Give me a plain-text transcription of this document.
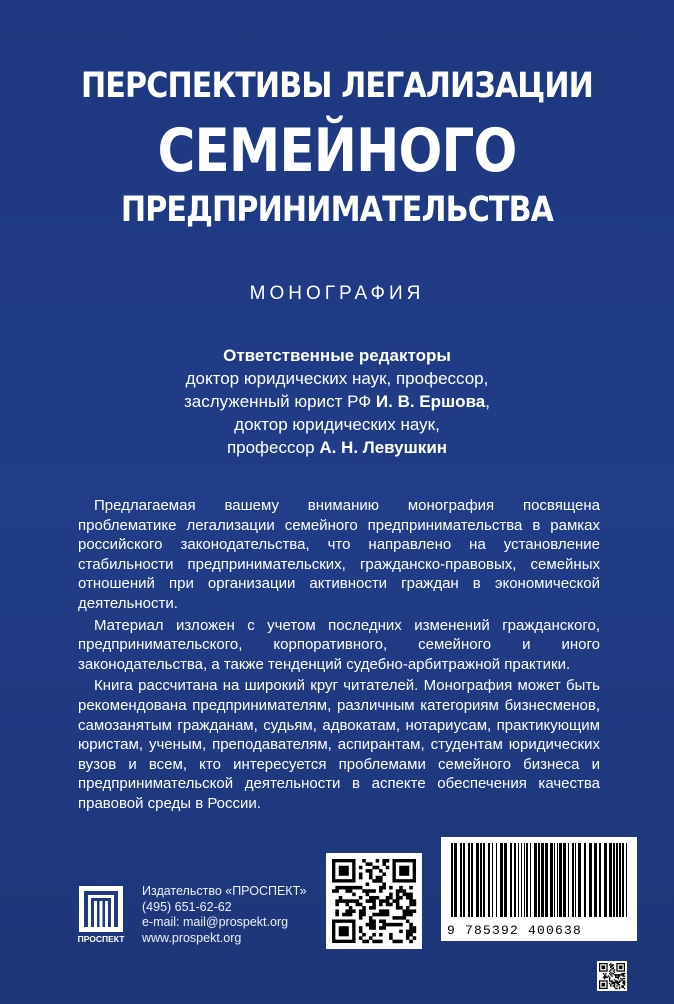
ПЕРСПЕКТИВЫ ЛЕГАЛИЗАЦИИ
СЕМЕЙНОГО
ПРЕДПРИНИМАТЕЛЬСТВА
МОНОГРАФИЯ
Ответственные редакторы
доктор юридических наук, профессор,
заслуженный юрист РФ И. В. Ершова,
доктор юридических наук,
профессор А. Н. Левушкин

Предлагаемая вашему вниманию монография посвящена проблематике легализации семейного предпринимательства в рамках российского законодательства, что направлено на установление стабильности предпринимательских, гражданско-правовых, семейных отношений при организации активности граждан в экономической деятельности.

Материал изложен с учетом последних изменений гражданского, предпринимательского, корпоративного, семейного и иного законодательства, а также тенденций судебно-арбитражной практики.

Книга рассчитана на широкий круг читателей. Монография может быть рекомендована предпринимателям, различным категориям бизнесменов, самозанятым гражданам, судьям, адвокатам, нотариусам, практикующим юристам, ученым, преподавателям, аспирантам, студентам юридических вузов и всем, кто интересуется проблемами семейного бизнеса и предпринимательской деятельности в аспекте обеспечения качества правовой среды в России.

ПРОСПЕКТ
Издательство «ПРОСПЕКТ»
(495) 651-62-62
e-mail: mail@prospekt.org
www.prospekt.org	9 785392 400638
